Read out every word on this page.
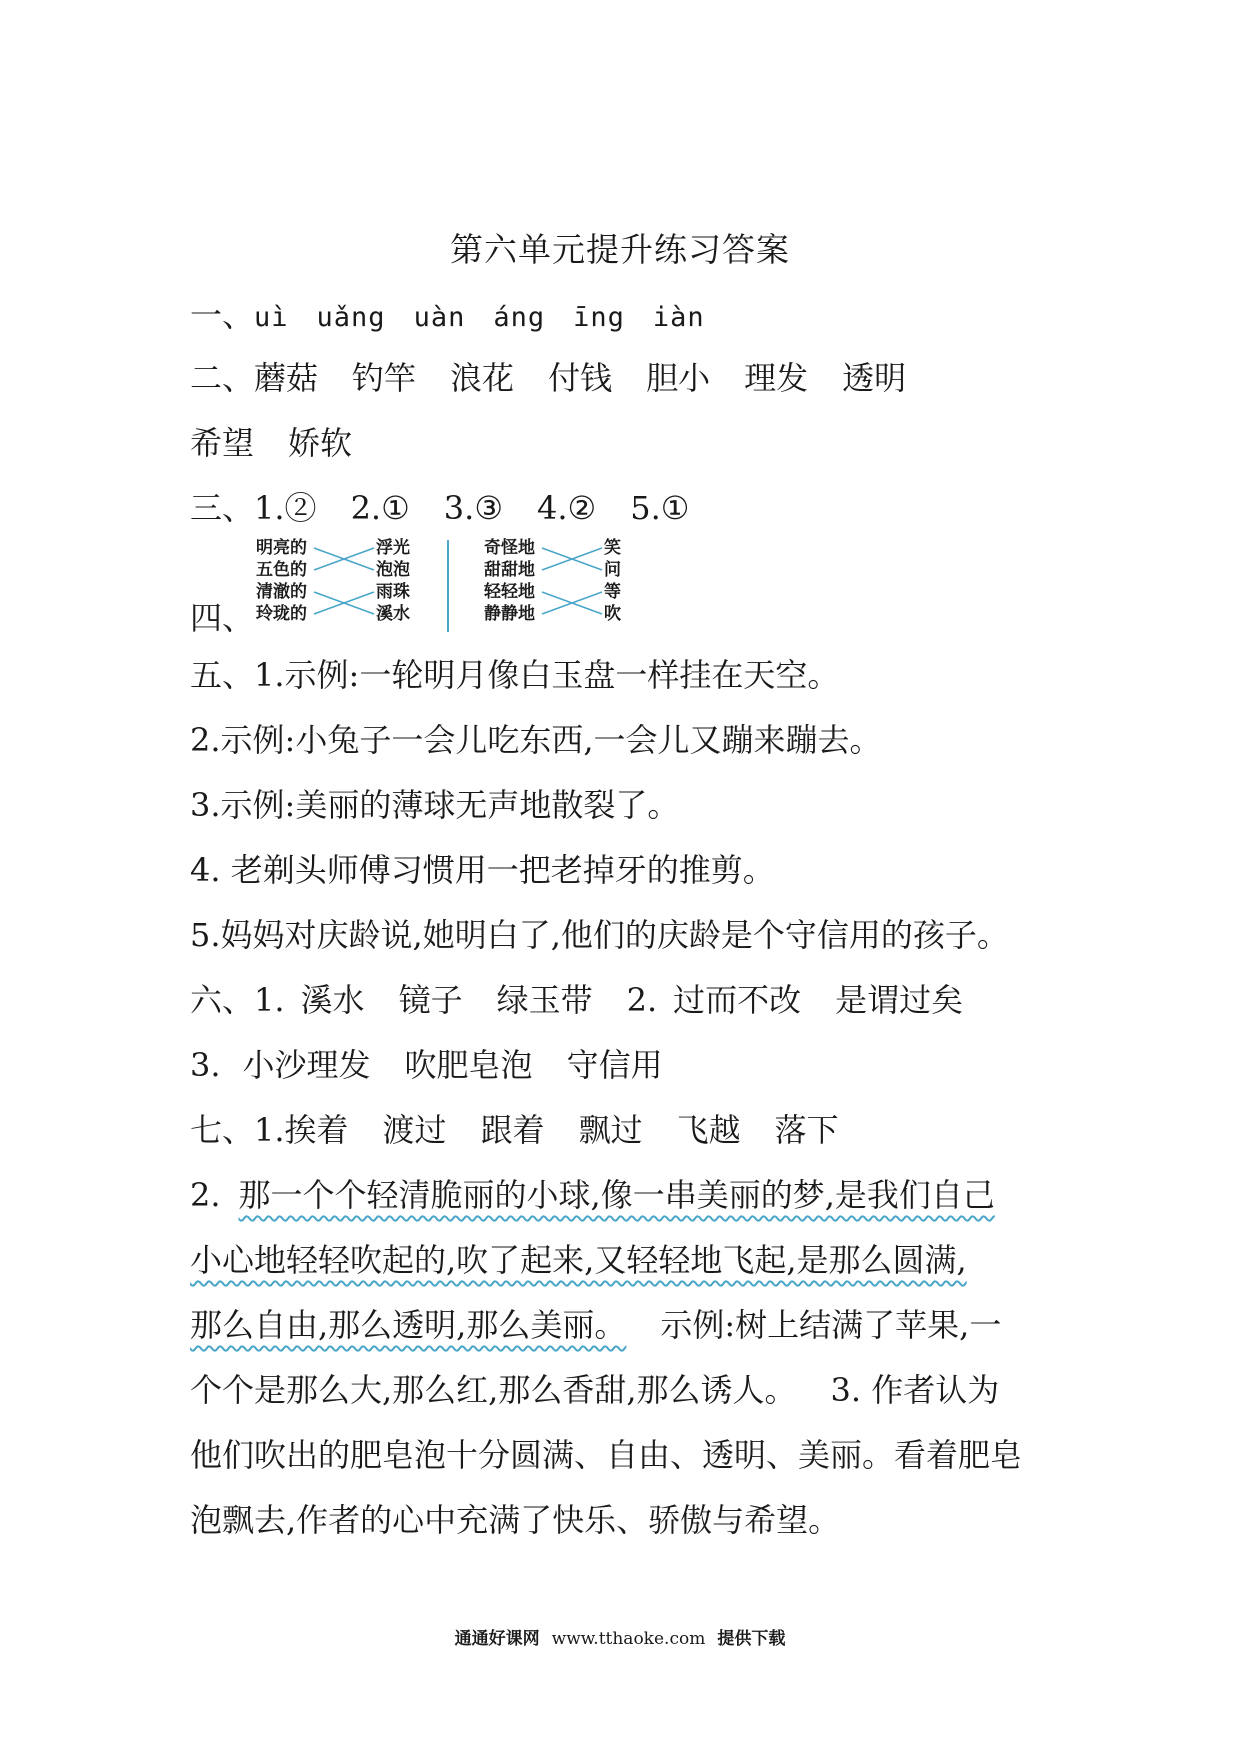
第六单元提升练习答案
一、uì uǎng uàn áng īng iàn
二、蘑菇 钓竿 浪花 付钱 胆小 理发 透明
希望 娇软
三、1.② 2.① 3.③ 4.② 5.①
四、
明亮的
五色的
清澈的
玲珑的
浮光
泡泡
雨珠
溪水
奇怪地
甜甜地
轻轻地
静静地
笑
问
等
吹
五、1.示例:一轮明月像白玉盘一样挂在天空。
2.示例:小兔子一会儿吃东西,一会儿又蹦来蹦去。
3.示例:美丽的薄球无声地散裂了。
4. 老剃头师傅习惯用一把老掉牙的推剪。
5.妈妈对庆龄说,她明白了,他们的庆龄是个守信用的孩子。
六、1. 溪水 镜子 绿玉带 2. 过而不改 是谓过矣
3. 小沙理发 吹肥皂泡 守信用
七、1.挨着 渡过 跟着 飘过 飞越 落下
2. 那一个个轻清脆丽的小球,像一串美丽的梦,是我们自己
小心地轻轻吹起的,吹了起来,又轻轻地飞起,是那么圆满,
那么自由,那么透明,那么美丽。 示例:树上结满了苹果,一
个个是那么大,那么红,那么香甜,那么诱人。 3. 作者认为
他们吹出的肥皂泡十分圆满、自由、透明、美丽。看着肥皂
泡飘去,作者的心中充满了快乐、骄傲与希望。
通通好课网 www.tthaoke.com 提供下载
